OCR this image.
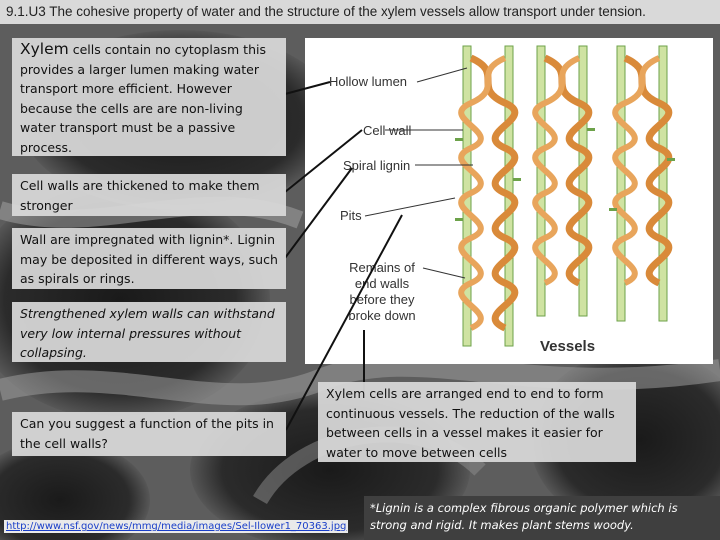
9.1.U3 The cohesive property of water and the structure of the xylem vessels allow transport under tension.
Hollow lumen
Cell wall
Spiral lignin
Pits
Remains of end walls before they broke down
Vessels
Xylem cells contain no cytoplasm this provides a larger lumen making water transport more efficient. However because the cells are are non-living water transport must be a passive process.
Cell walls are thickened to make them stronger
Wall are impregnated with lignin*. Lignin may be deposited in different ways, such as spirals or rings.
Strengthened xylem walls can withstand very low internal pressures without collapsing.
Can you suggest a function of the pits in the cell walls?
Xylem cells are arranged end to end to form continuous vessels. The reduction of the walls between cells in a vessel makes it easier for water to move between cells
*Lignin is a complex fibrous organic polymer which is strong and rigid. It makes plant stems woody.
http://www.nsf.gov/news/mmg/media/images/Sel-Ilower1_70363.jpg
